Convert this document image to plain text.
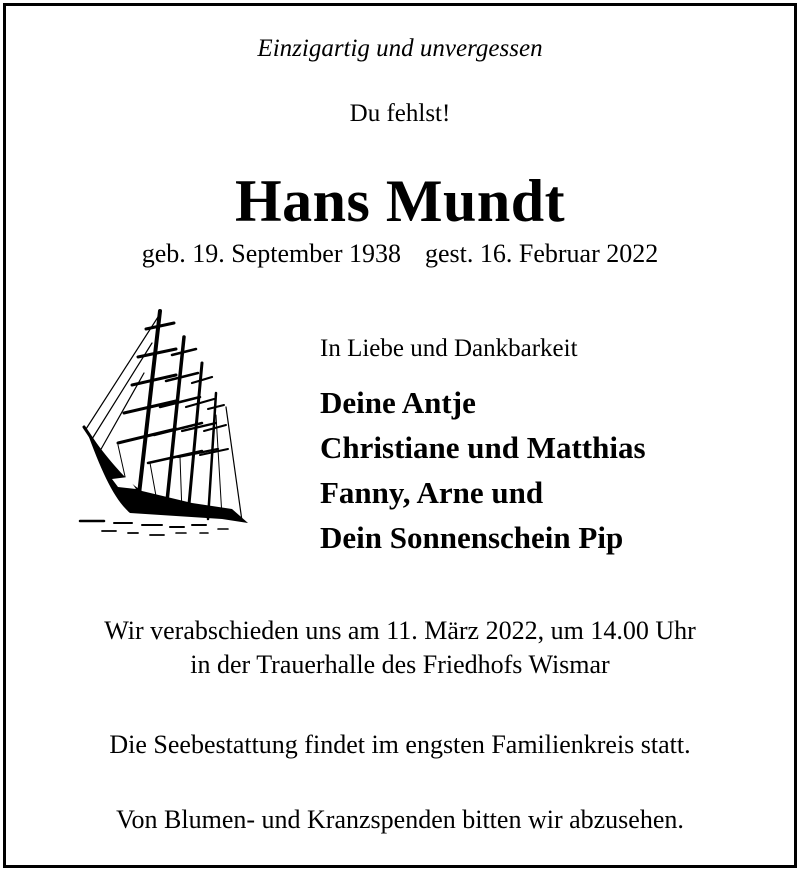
Einzigartig und unvergessen
Du fehlst!
Hans Mundt
geb. 19. September 1938 gest. 16. Februar 2022
In Liebe und Dankbarkeit
Deine Antje
Christiane und Matthias
Fanny, Arne und
Dein Sonnenschein Pip
Wir verabschieden uns am 11. März 2022, um 14.00 Uhr
in der Trauerhalle des Friedhofs Wismar
Die Seebestattung findet im engsten Familienkreis statt.
Von Blumen- und Kranzspenden bitten wir abzusehen.
